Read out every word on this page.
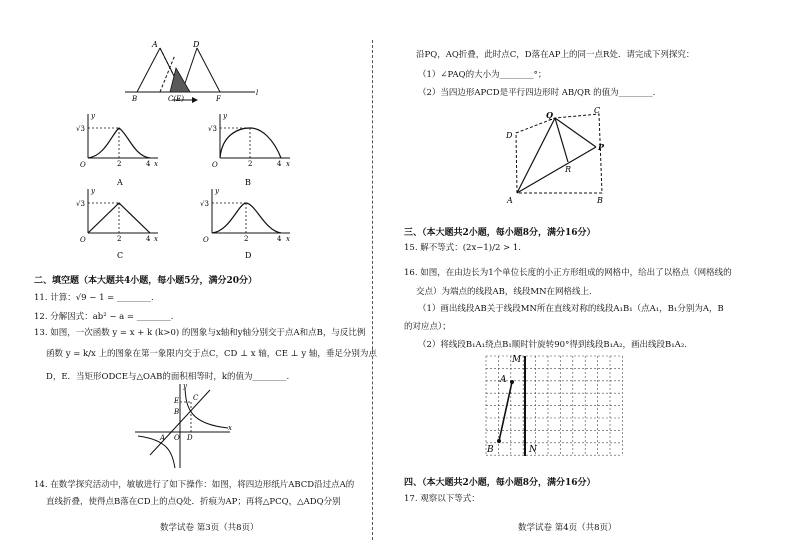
A	D
B	C(E)	F
l
y
√3
O	2	4 x
A
y
√3
O	2	4 x
B
y
√3
O	2	4 x
C
y
√3
O	2	4 x
D
二、填空题（本大题共4小题，每小题5分，满分20分）
11. 计算：√9 − 1 = ________.
12. 分解因式：ab² − a = ________.
13. 如图，一次函数 y = x + k (k>0) 的图象与x轴和y轴分别交于点A和点B，与反比例
函数 y = k/x 上的图象在第一象限内交于点C，CD ⊥ x 轴，CE ⊥ y 轴，垂足分别为点
D，E．当矩形ODCE与△OAB的面积相等时，k的值为________.
y
E
B
C
A O D
x
14. 在数学探究活动中，敏敏进行了如下操作：如图，将四边形纸片ABCD沿过点A的
直线折叠，使得点B落在CD上的点Q处．折痕为AP；再将△PCQ，△ADQ分别
数学试卷 第3页（共8页）
沿PQ，AQ折叠，此时点C，D落在AP上的同一点R处．请完成下列探究：
（1）∠PAQ的大小为________°；
（2）当四边形APCD是平行四边形时 AB/QR 的值为________.
Q	C
D
P
R
A	B
三、（本大题共2小题，每小题8分，满分16分）
15. 解不等式：(2x−1)/2 > 1.
16. 如图，在由边长为1个单位长度的小正方形组成的网格中，给出了以格点（网格线的
交点）为端点的线段AB，线段MN在网格线上.
（1）画出线段AB关于线段MN所在直线对称的线段A₁B₁（点A₁，B₁分别为A，B
的对应点）；
（2）将线段B₁A₁绕点B₁顺时针旋转90°得到线段B₁A₂，画出线段B₁A₂.
M
A
B	N
四、（本大题共2小题，每小题8分，满分16分）
17. 观察以下等式：
数学试卷 第4页（共8页）
